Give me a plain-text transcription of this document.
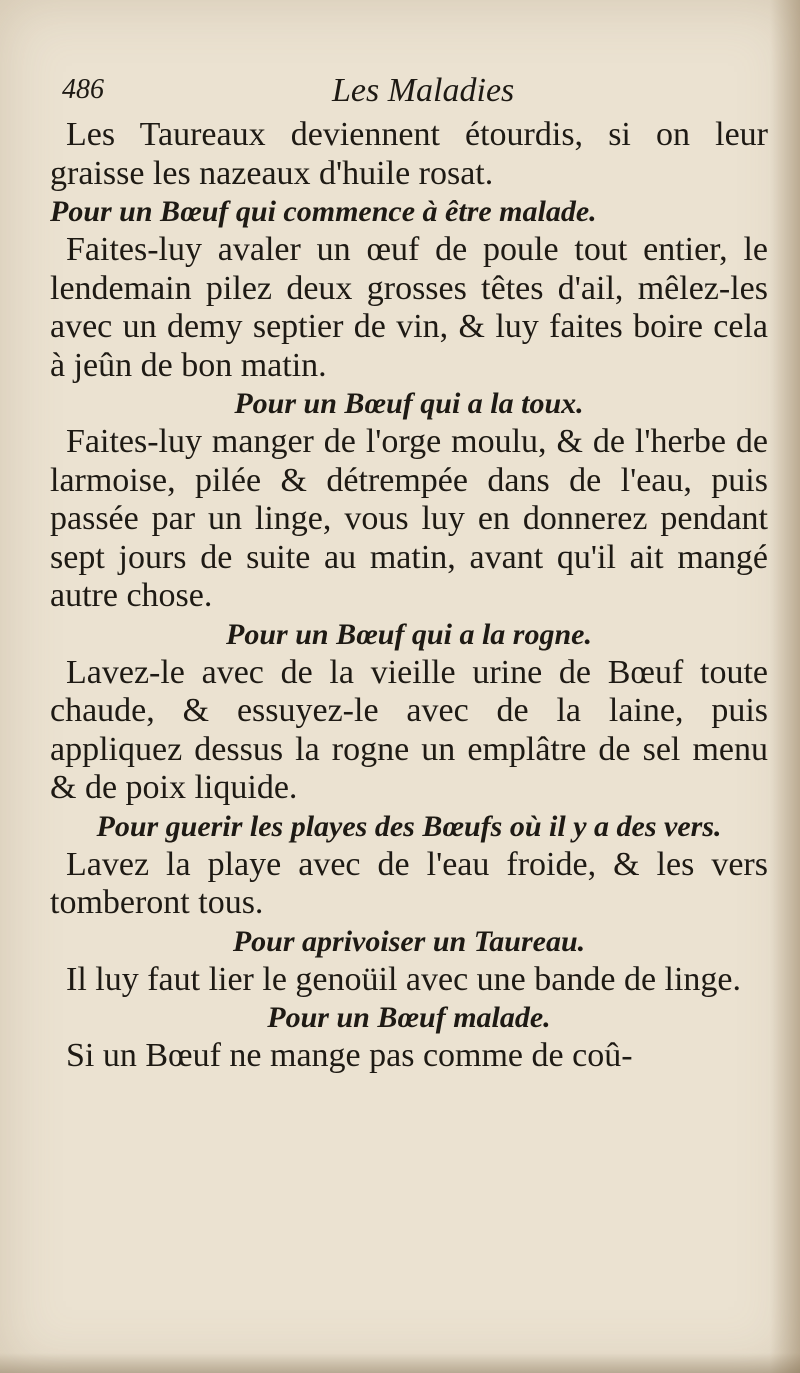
486	Les Maladies

Les Taureaux deviennent étourdis, si on leur graisse les nazeaux d'huile rosat.

Pour un Bœuf qui commence à être malade.

Faites-luy avaler un œuf de poule tout entier, le lendemain pilez deux grosses têtes d'ail, mêlez-les avec un demy septier de vin, & luy faites boire cela à jeûn de bon matin.

Pour un Bœuf qui a la toux.

Faites-luy manger de l'orge moulu, & de l'herbe de larmoise, pilée & détrempée dans de l'eau, puis passée par un linge, vous luy en donnerez pendant sept jours de suite au matin, avant qu'il ait mangé autre chose.

Pour un Bœuf qui a la rogne.

Lavez-le avec de la vieille urine de Bœuf toute chaude, & essuyez-le avec de la laine, puis appliquez dessus la rogne un emplâtre de sel menu & de poix liquide.

Pour guerir les playes des Bœufs où il y a des vers.

Lavez la playe avec de l'eau froide, & les vers tomberont tous.

Pour aprivoiser un Taureau.

Il luy faut lier le genoüil avec une bande de linge.

Pour un Bœuf malade.

Si un Bœuf ne mange pas comme de coû-
